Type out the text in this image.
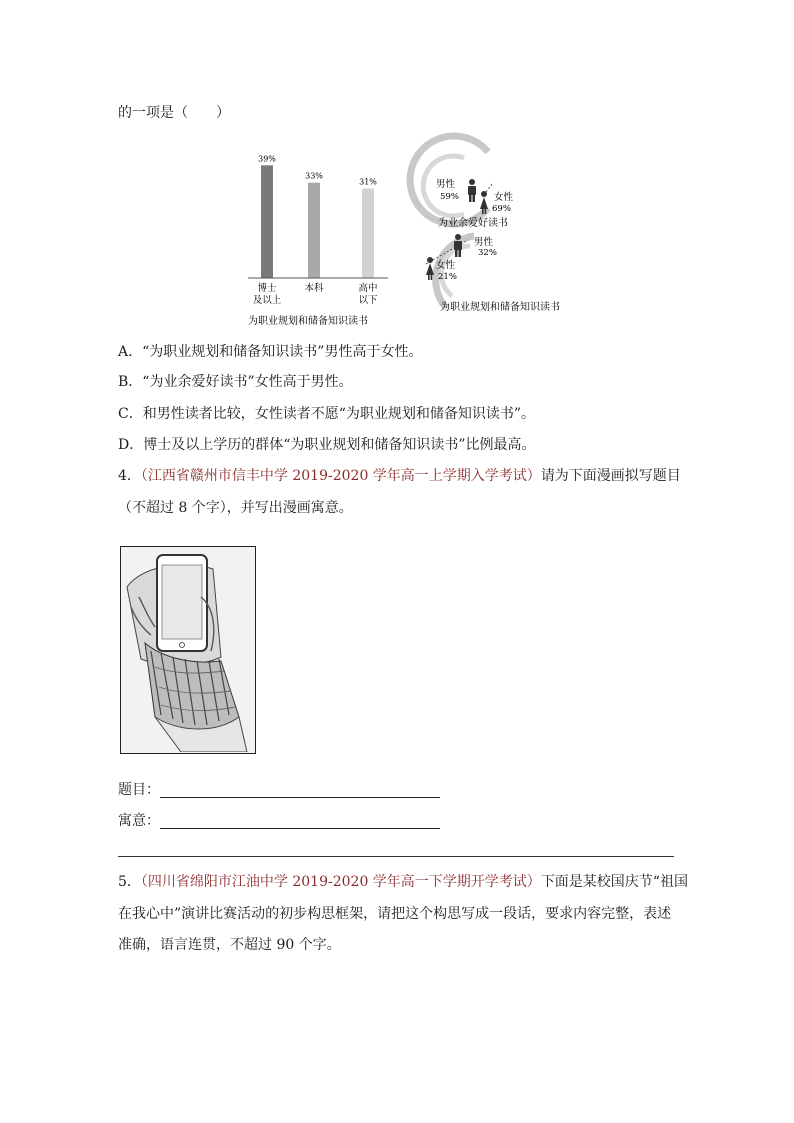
的一项是（　　）
39%
博士
及以上
33%
本科
31%
高中
以下
为职业规划和储备知识读书
男性
59%	女性
69%
为业余爱好读书
男性
32%
女性
21%
为职业规划和储备知识读书
A．“为职业规划和储备知识读书”男性高于女性。
B．“为业余爱好读书”女性高于男性。
C．和男性读者比较，女性读者不愿“为职业规划和储备知识读书”。
D．博士及以上学历的群体“为职业规划和储备知识读书”比例最高。
4．（江西省赣州市信丰中学 2019-2020 学年高一上学期入学考试）请为下面漫画拟写题目
（不超过 8 个字），并写出漫画寓意。
题目：
寓意：
5．（四川省绵阳市江油中学 2019-2020 学年高一下学期开学考试）下面是某校国庆节“祖国
在我心中”演讲比赛活动的初步构思框架，请把这个构思写成一段话，要求内容完整，表述
准确，语言连贯，不超过 90 个字。
